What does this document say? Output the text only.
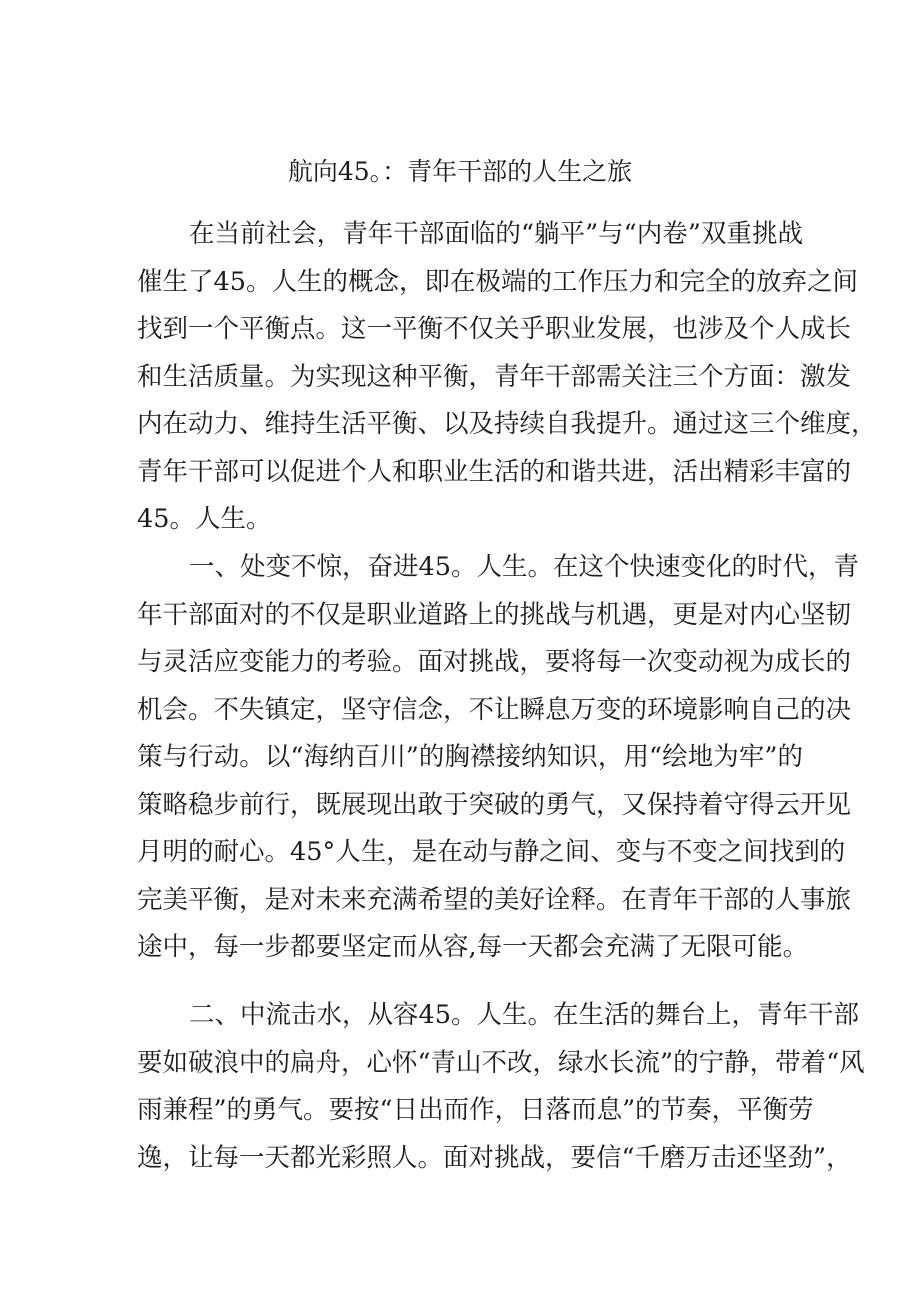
航向45。：青年干部的人生之旅
在当前社会，青年干部面临的“躺平”与“内卷”双重挑战
催生了45。人生的概念，即在极端的工作压力和完全的放弃之间
找到一个平衡点。这一平衡不仅关乎职业发展，也涉及个人成长
和生活质量。为实现这种平衡，青年干部需关注三个方面：激发
内在动力、维持生活平衡、以及持续自我提升。通过这三个维度，
青年干部可以促进个人和职业生活的和谐共进，活出精彩丰富的
45。人生。
一、处变不惊，奋进45。人生。在这个快速变化的时代，青
年干部面对的不仅是职业道路上的挑战与机遇，更是对内心坚韧
与灵活应变能力的考验。面对挑战，要将每一次变动视为成长的
机会。不失镇定，坚守信念，不让瞬息万变的环境影响自己的决
策与行动。以“海纳百川”的胸襟接纳知识，用“绘地为牢”的
策略稳步前行，既展现出敢于突破的勇气，又保持着守得云开见
月明的耐心。45°人生，是在动与静之间、变与不变之间找到的
完美平衡，是对未来充满希望的美好诠释。在青年干部的人事旅
途中，每一步都要坚定而从容,每一天都会充满了无限可能。
二、中流击水，从容45。人生。在生活的舞台上，青年干部
要如破浪中的扁舟，心怀“青山不改，绿水长流”的宁静，带着“风
雨兼程”的勇气。要按“日出而作，日落而息”的节奏，平衡劳
逸，让每一天都光彩照人。面对挑战，要信“千磨万击还坚劲”，
